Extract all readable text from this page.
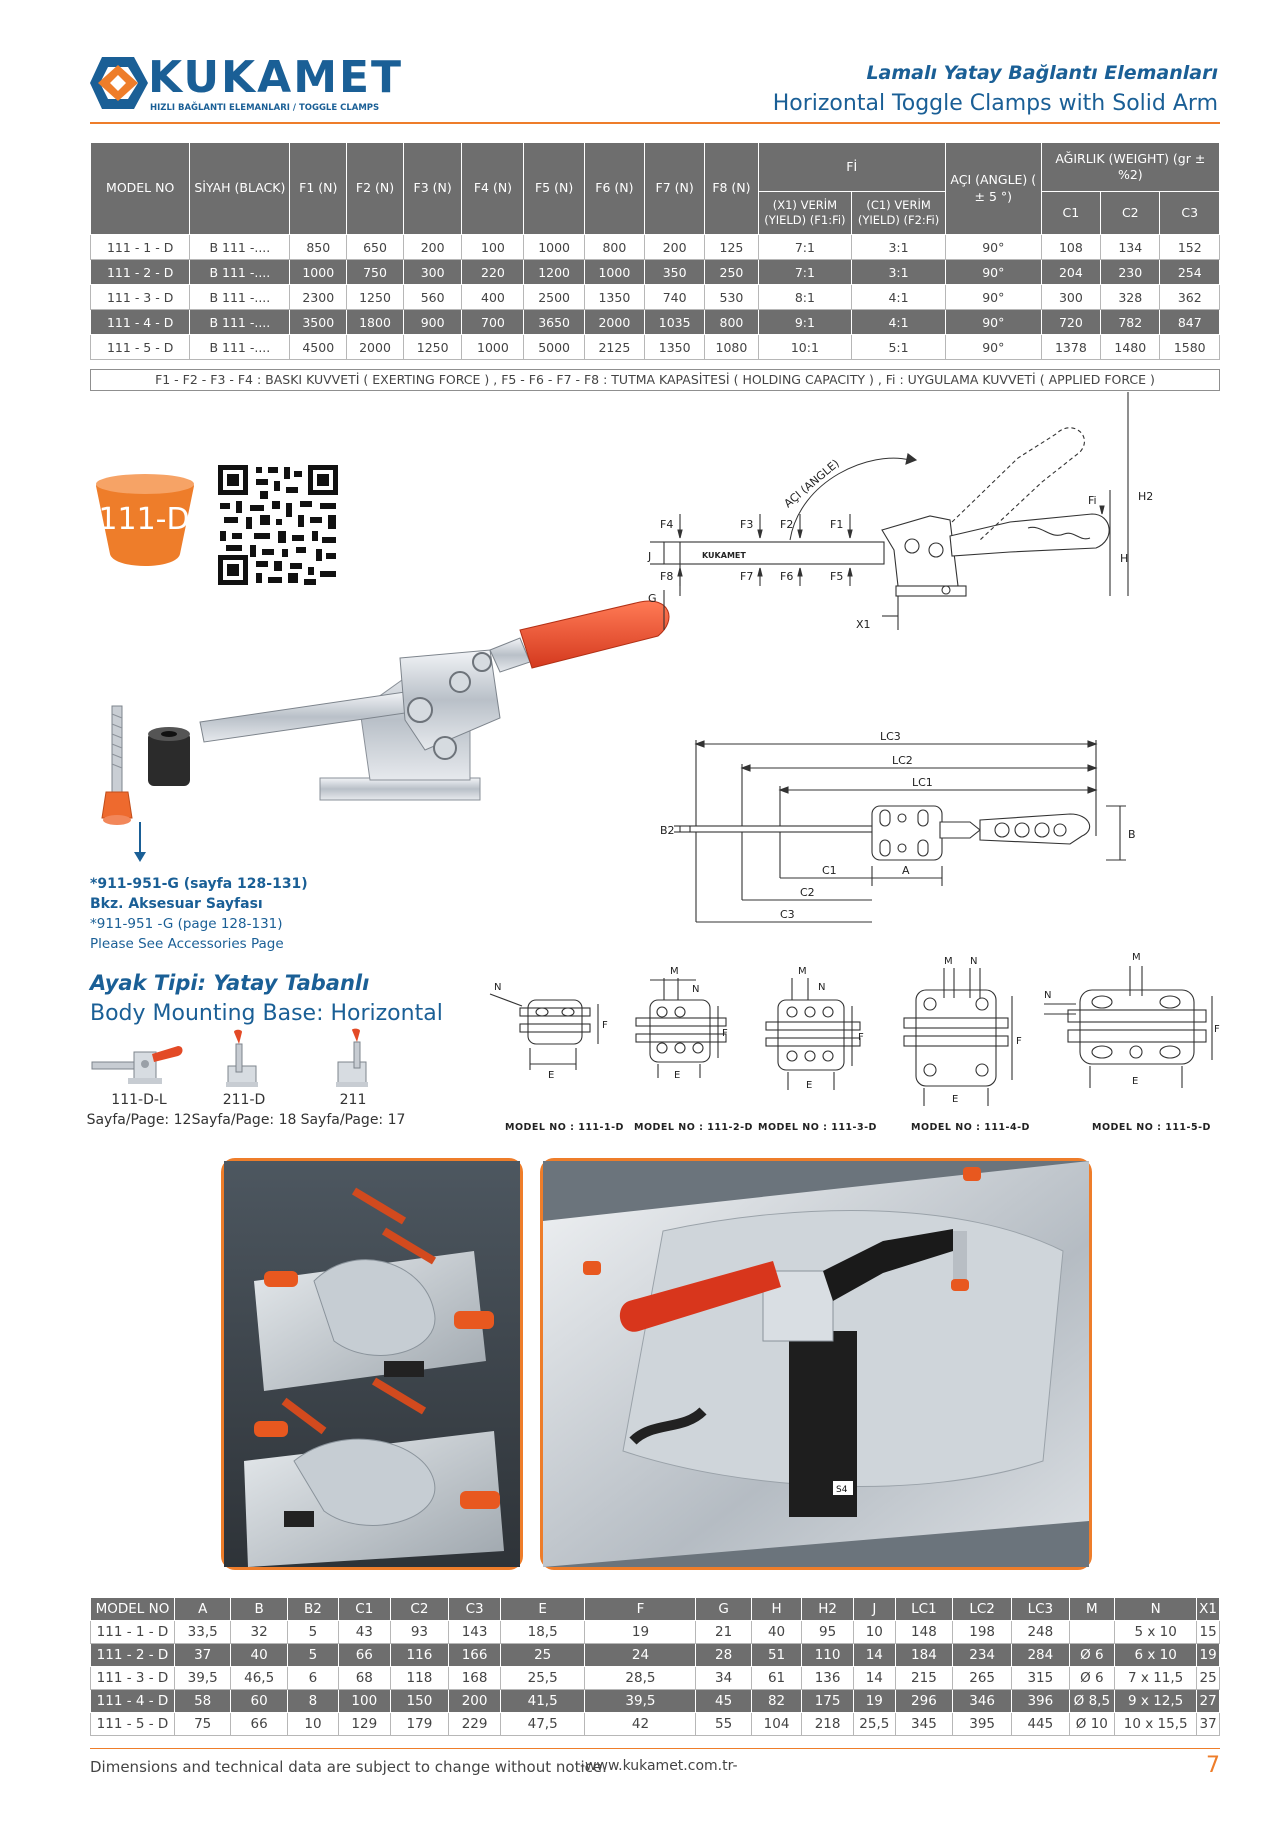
KUKAMET
HIZLI BAĞLANTI ELEMANLARI / TOGGLE CLAMPS
Lamalı Yatay Bağlantı Elemanları
Horizontal Toggle Clamps with Solid Arm
MODEL NO	SİYAH (BLACK)	F1 (N)	F2 (N)	F3 (N)	F4 (N)	F5 (N)	F6 (N)	F7 (N)	F8 (N)	Fİ		AÇI (ANGLE) ( ± 5 °)	AĞIRLIK (WEIGHT) (gr ±%2)		
										(X1) VERİM (YIELD) (F1:Fi)	(C1) VERİM (YIELD) (F2:Fi)		C1	C2	C3
111 - 1 - D	B 111 -....	850	650	200	100	1000	800	200	125	7:1	3:1	90°	108	134	152
111 - 2 - D	B 111 -....	1000	750	300	220	1200	1000	350	250	7:1	3:1	90°	204	230	254
111 - 3 - D	B 111 -....	2300	1250	560	400	2500	1350	740	530	8:1	4:1	90°	300	328	362
111 - 4 - D	B 111 -....	3500	1800	900	700	3650	2000	1035	800	9:1	4:1	90°	720	782	847
111 - 5 - D	B 111 -....	4500	2000	1250	1000	5000	2125	1350	1080	10:1	5:1	90°	1378	1480	1580
F1 - F2 - F3 - F4 : BASKI KUVVETİ ( EXERTING FORCE ) , F5 - F6 - F7 - F8 : TUTMA KAPASİTESİ ( HOLDING CAPACITY ) , Fi : UYGULAMA KUVVETİ ( APPLIED FORCE )
111-D
*911-951-G (sayfa 128-131)
Bkz. Aksesuar Sayfası
*911-951 -G (page 128-131)
Please See Accessories Page
Ayak Tipi: Yatay Tabanlı
Body Mounting Base: Horizontal
111-D-L
Sayfa/Page: 12
211-D
Sayfa/Page: 18
211
Sayfa/Page: 17
F4	F3 F2	F1
F8	F7 F6	F5
Fi
H
H2
J
G
X1
AÇI (ANGLE)
KUKAMET
LC3
LC2
LC1
C1
C2
C3
A
B
B2
E
F
N
M
N
E
F
M
N
E
F
M N
E
F
M
N
E
F
MODEL NO : 111-1-D MODEL NO : 111-2-D MODEL NO : 111-3-D	MODEL NO : 111-4-D	MODEL NO : 111-5-D
S4
MODEL NO	A	B	B2	C1	C2	C3	E	F	G	H	H2	J	LC1	LC2	LC3	M	N	X1
111 - 1 - D	33,5	32	5	43	93	143	18,5	19	21	40	95	10	148	198	248		5 x 10	15
111 - 2 - D	37	40	5	66	116	166	25	24	28	51	110	14	184	234	284	Ø 6	6 x 10	19
111 - 3 - D	39,5	46,5	6	68	118	168	25,5	28,5	34	61	136	14	215	265	315	Ø 6	7 x 11,5	25
111 - 4 - D	58	60	8	100	150	200	41,5	39,5	45	82	175	19	296	346	396	Ø 8,5	9 x 12,5	27
111 - 5 - D	75	66	10	129	179	229	47,5	42	55	104	218	25,5	345	395	445	Ø 10	10 x 15,5	37
Dimensions and technical data are subject to change without notice.
-www.kukamet.com.tr-	7
